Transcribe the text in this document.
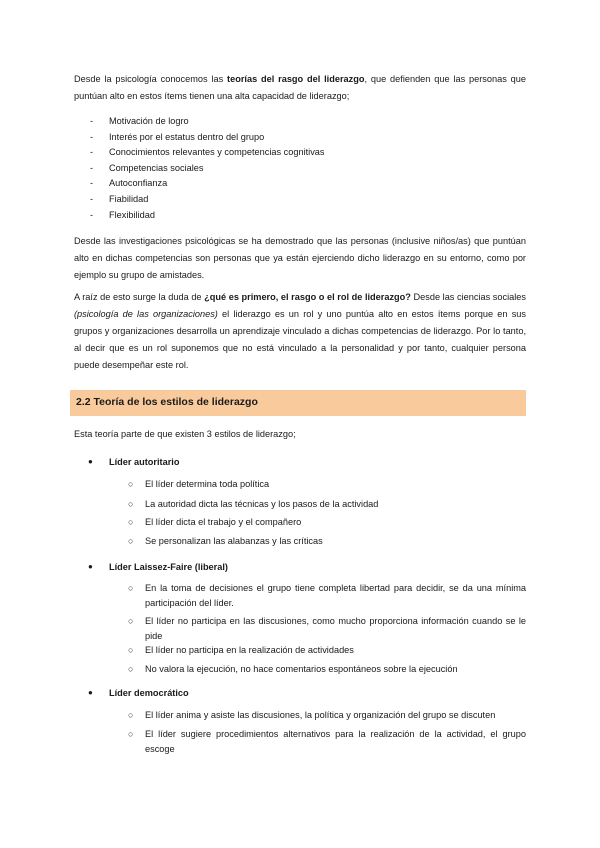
Desde la psicología conocemos las teorías del rasgo del liderazgo, que defienden que las personas que puntúan alto en estos ítems tienen una alta capacidad de liderazgo;

- Motivación de logro
- Interés por el estatus dentro del grupo
- Conocimientos relevantes y competencias cognitivas
- Competencias sociales
- Autoconfianza
- Fiabilidad
- Flexibilidad

Desde las investigaciones psicológicas se ha demostrado que las personas (inclusive niños/as) que puntúan alto en dichas competencias son personas que ya están ejerciendo dicho liderazgo en su entorno, como por ejemplo su grupo de amistades.

A raíz de esto surge la duda de ¿qué es primero, el rasgo o el rol de liderazgo? Desde las ciencias sociales (psicología de las organizaciones) el liderazgo es un rol y uno puntúa alto en estos ítems porque en sus grupos y organizaciones desarrolla un aprendizaje vinculado a dichas competencias de liderazgo. Por lo tanto, al decir que es un rol suponemos que no está vinculado a la personalidad y por tanto, cualquier persona puede desempeñar este rol.

2.2 Teoría de los estilos de liderazgo

Esta teoría parte de que existen 3 estilos de liderazgo;

● Líder autoritario
○ El líder determina toda política
○ La autoridad dicta las técnicas y los pasos de la actividad
○ El líder dicta el trabajo y el compañero
○ Se personalizan las alabanzas y las críticas
● Líder Laissez-Faire (liberal)
○ En la toma de decisiones el grupo tiene completa libertad para decidir, se da una mínima participación del líder.
○ El líder no participa en las discusiones, como mucho proporciona información cuando se le pide
○ El líder no participa en la realización de actividades
○ No valora la ejecución, no hace comentarios espontáneos sobre la ejecución
● Líder democrático
○ El líder anima y asiste las discusiones, la política y organización del grupo se discuten
○ El líder sugiere procedimientos alternativos para la realización de la actividad, el grupo escoge
